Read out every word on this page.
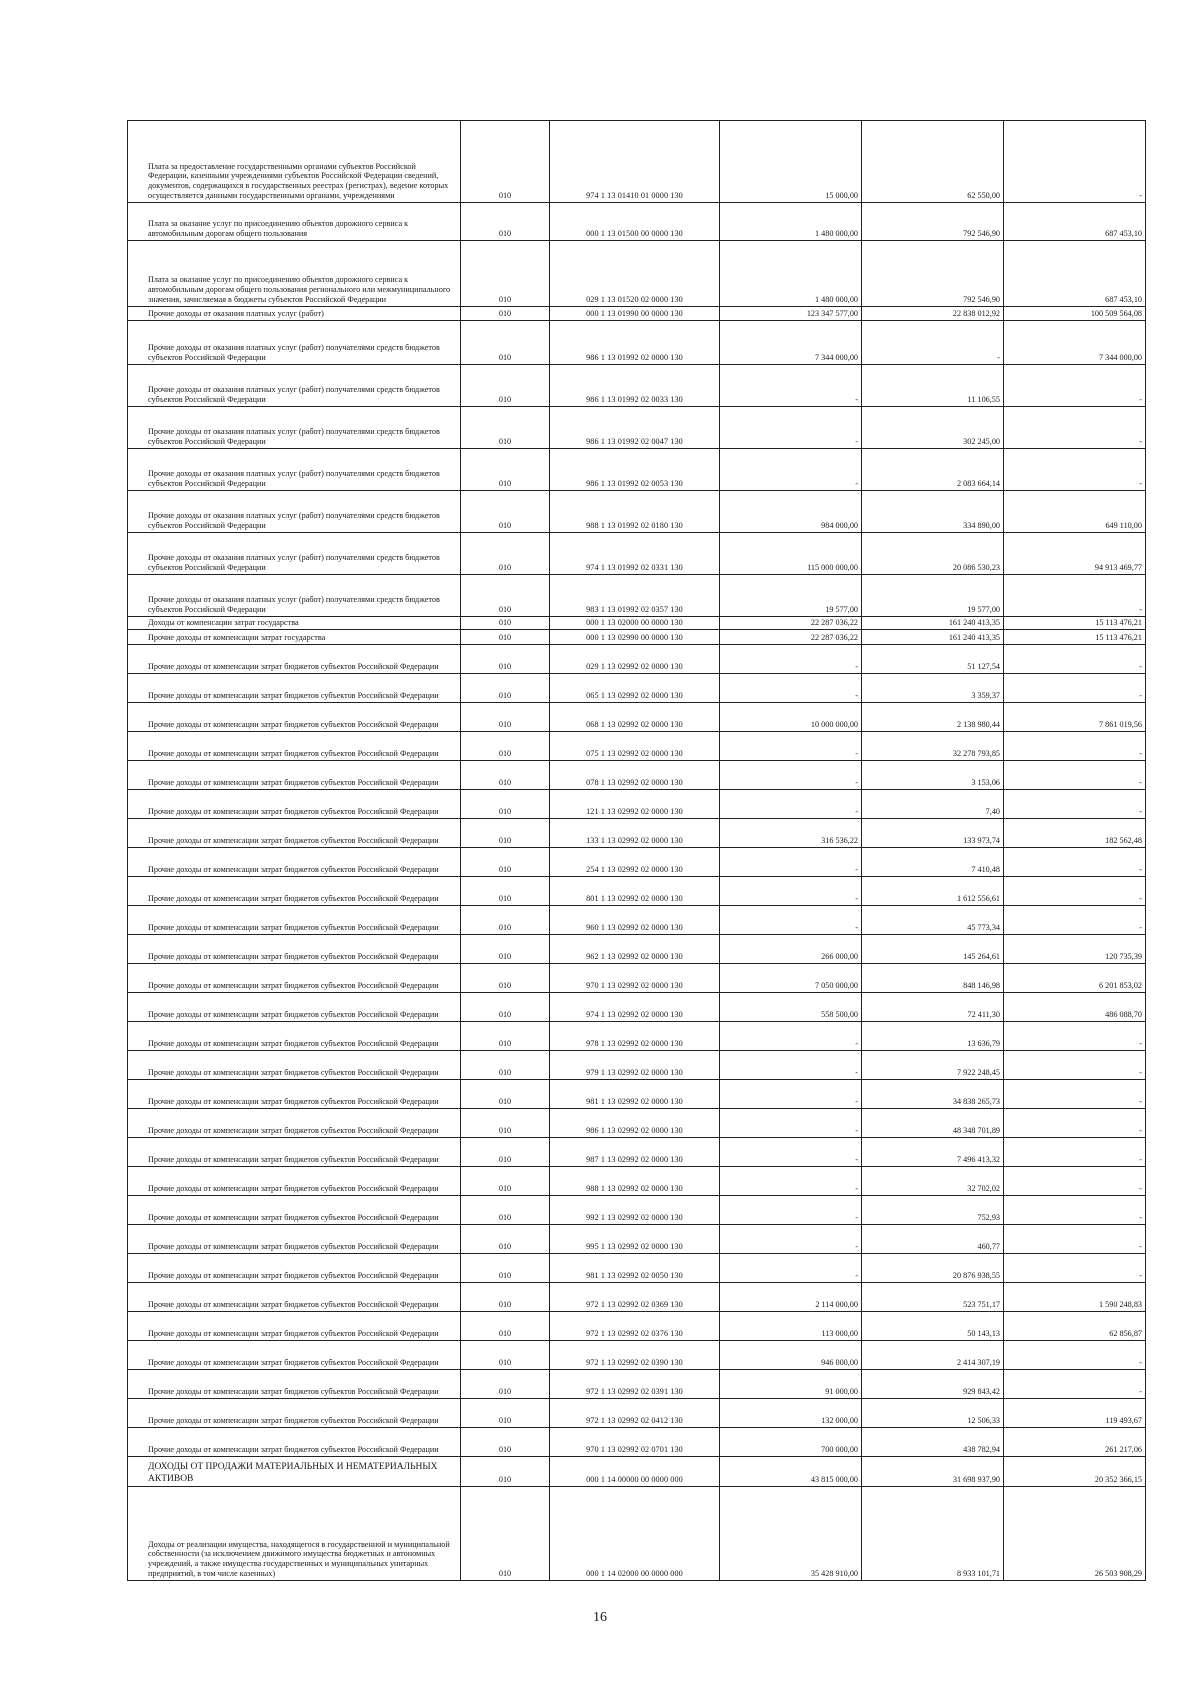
Плата за предоставление государственными органами субъектов Российской Федерации, казенными учреждениями субъектов Российской Федерации сведений, документов, содержащихся в государственных реестрах (регистрах), ведение которых осуществляется данными государственными органами, учреждениями	010	974 1 13 01410 01 0000 130	15 000,00	62 550,00	-
Плата за оказание услуг по присоединению объектов дорожного сервиса к автомобильным дорогам общего пользования	010	000 1 13 01500 00 0000 130	1 480 000,00	792 546,90	687 453,10
Плата за оказание услуг по присоединению объектов дорожного сервиса к автомобильным дорогам общего пользования регионального или межмуниципального значения, зачисляемая в бюджеты субъектов Российской Федерации	010	029 1 13 01520 02 0000 130	1 480 000,00	792 546,90	687 453,10
Прочие доходы от оказания платных услуг (работ)	010	000 1 13 01990 00 0000 130	123 347 577,00	22 838 012,92	100 509 564,08
Прочие доходы от оказания платных услуг (работ) получателями средств бюджетов субъектов Российской Федерации	010	986 1 13 01992 02 0000 130	7 344 000,00	-	7 344 000,00
Прочие доходы от оказания платных услуг (работ) получателями средств бюджетов субъектов Российской Федерации	010	986 1 13 01992 02 0033 130	-	11 106,55	-
Прочие доходы от оказания платных услуг (работ) получателями средств бюджетов субъектов Российской Федерации	010	986 1 13 01992 02 0047 130	-	302 245,00	-
Прочие доходы от оказания платных услуг (работ) получателями средств бюджетов субъектов Российской Федерации	010	986 1 13 01992 02 0053 130	-	2 083 664,14	-
Прочие доходы от оказания платных услуг (работ) получателями средств бюджетов субъектов Российской Федерации	010	988 1 13 01992 02 0180 130	984 000,00	334 890,00	649 110,00
Прочие доходы от оказания платных услуг (работ) получателями средств бюджетов субъектов Российской Федерации	010	974 1 13 01992 02 0331 130	115 000 000,00	20 086 530,23	94 913 469,77
Прочие доходы от оказания платных услуг (работ) получателями средств бюджетов субъектов Российской Федерации	010	983 1 13 01992 02 0357 130	19 577,00	19 577,00	-
Доходы от компенсации затрат государства	010	000 1 13 02000 00 0000 130	22 287 036,22	161 240 413,35	15 113 476,21
Прочие доходы от компенсации затрат государства	010	000 1 13 02990 00 0000 130	22 287 036,22	161 240 413,35	15 113 476,21
Прочие доходы от компенсации затрат бюджетов субъектов Российской Федерации	010	029 1 13 02992 02 0000 130	-	51 127,54	-
Прочие доходы от компенсации затрат бюджетов субъектов Российской Федерации	010	065 1 13 02992 02 0000 130	-	3 359,37	-
Прочие доходы от компенсации затрат бюджетов субъектов Российской Федерации	010	068 1 13 02992 02 0000 130	10 000 000,00	2 138 980,44	7 861 019,56
Прочие доходы от компенсации затрат бюджетов субъектов Российской Федерации	010	075 1 13 02992 02 0000 130	-	32 278 793,85	-
Прочие доходы от компенсации затрат бюджетов субъектов Российской Федерации	010	078 1 13 02992 02 0000 130	-	3 153,06	-
Прочие доходы от компенсации затрат бюджетов субъектов Российской Федерации	010	121 1 13 02992 02 0000 130	-	7,40	-
Прочие доходы от компенсации затрат бюджетов субъектов Российской Федерации	010	133 1 13 02992 02 0000 130	316 536,22	133 973,74	182 562,48
Прочие доходы от компенсации затрат бюджетов субъектов Российской Федерации	010	254 1 13 02992 02 0000 130	-	7 410,48	-
Прочие доходы от компенсации затрат бюджетов субъектов Российской Федерации	010	801 1 13 02992 02 0000 130	-	1 612 556,61	-
Прочие доходы от компенсации затрат бюджетов субъектов Российской Федерации	010	960 1 13 02992 02 0000 130	-	45 773,34	-
Прочие доходы от компенсации затрат бюджетов субъектов Российской Федерации	010	962 1 13 02992 02 0000 130	266 000,00	145 264,61	120 735,39
Прочие доходы от компенсации затрат бюджетов субъектов Российской Федерации	010	970 1 13 02992 02 0000 130	7 050 000,00	848 146,98	6 201 853,02
Прочие доходы от компенсации затрат бюджетов субъектов Российской Федерации	010	974 1 13 02992 02 0000 130	558 500,00	72 411,30	486 088,70
Прочие доходы от компенсации затрат бюджетов субъектов Российской Федерации	010	978 1 13 02992 02 0000 130	-	13 636,79	-
Прочие доходы от компенсации затрат бюджетов субъектов Российской Федерации	010	979 1 13 02992 02 0000 130	-	7 922 248,45	-
Прочие доходы от компенсации затрат бюджетов субъектов Российской Федерации	010	981 1 13 02992 02 0000 130	-	34 838 265,73	-
Прочие доходы от компенсации затрат бюджетов субъектов Российской Федерации	010	986 1 13 02992 02 0000 130	-	48 348 701,89	-
Прочие доходы от компенсации затрат бюджетов субъектов Российской Федерации	010	987 1 13 02992 02 0000 130	-	7 496 413,32	-
Прочие доходы от компенсации затрат бюджетов субъектов Российской Федерации	010	988 1 13 02992 02 0000 130	-	32 702,02	-
Прочие доходы от компенсации затрат бюджетов субъектов Российской Федерации	010	992 1 13 02992 02 0000 130	-	752,93	-
Прочие доходы от компенсации затрат бюджетов субъектов Российской Федерации	010	995 1 13 02992 02 0000 130	-	460,77	-
Прочие доходы от компенсации затрат бюджетов субъектов Российской Федерации	010	981 1 13 02992 02 0050 130	-	20 876 938,55	-
Прочие доходы от компенсации затрат бюджетов субъектов Российской Федерации	010	972 1 13 02992 02 0369 130	2 114 000,00	523 751,17	1 590 248,83
Прочие доходы от компенсации затрат бюджетов субъектов Российской Федерации	010	972 1 13 02992 02 0376 130	113 000,00	50 143,13	62 856,87
Прочие доходы от компенсации затрат бюджетов субъектов Российской Федерации	010	972 1 13 02992 02 0390 130	946 000,00	2 414 307,19	-
Прочие доходы от компенсации затрат бюджетов субъектов Российской Федерации	010	972 1 13 02992 02 0391 130	91 000,00	929 843,42	-
Прочие доходы от компенсации затрат бюджетов субъектов Российской Федерации	010	972 1 13 02992 02 0412 130	132 000,00	12 506,33	119 493,67
Прочие доходы от компенсации затрат бюджетов субъектов Российской Федерации	010	970 1 13 02992 02 0701 130	700 000,00	438 782,94	261 217,06
ДОХОДЫ ОТ ПРОДАЖИ МАТЕРИАЛЬНЫХ И НЕМАТЕРИАЛЬНЫХ АКТИВОВ	010	000 1 14 00000 00 0000 000	43 815 000,00	31 698 937,90	20 352 366,15
Доходы от реализации имущества, находящегося в государственной и муниципальной собственности (за исключением движимого имущества бюджетных и автономных учреждений, а также имущества государственных и муниципальных унитарных предприятий, в том числе казенных)	010	000 1 14 02000 00 0000 000	35 428 910,00	8 933 101,71	26 503 908,29
16
